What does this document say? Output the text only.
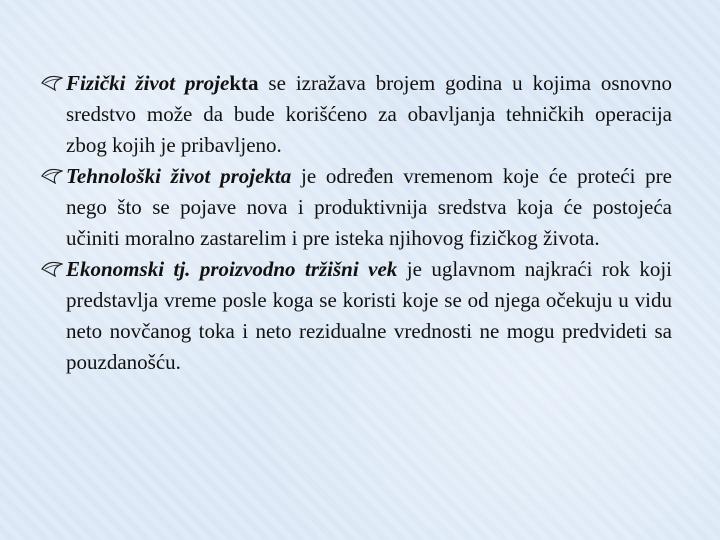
Fizički život projekta se izražava brojem godina u kojima osnovno sredstvo može da bude korišćeno za obavljanja tehničkih operacija zbog kojih je pribavljeno.
Tehnološki život projekta je određen vremenom koje će proteći pre nego što se pojave nova i produktivnija sredstva koja će postojeća učiniti moralno zastarelim i pre isteka njihovog fizičkog života.
Ekonomski tj. proizvodno tržišni vek je uglavnom najkraći rok koji predstavlja vreme posle koga se koristi koje se od njega očekuju u vidu neto novčanog toka i neto rezidualne vrednosti ne mogu predvideti sa pouzdanošću.
